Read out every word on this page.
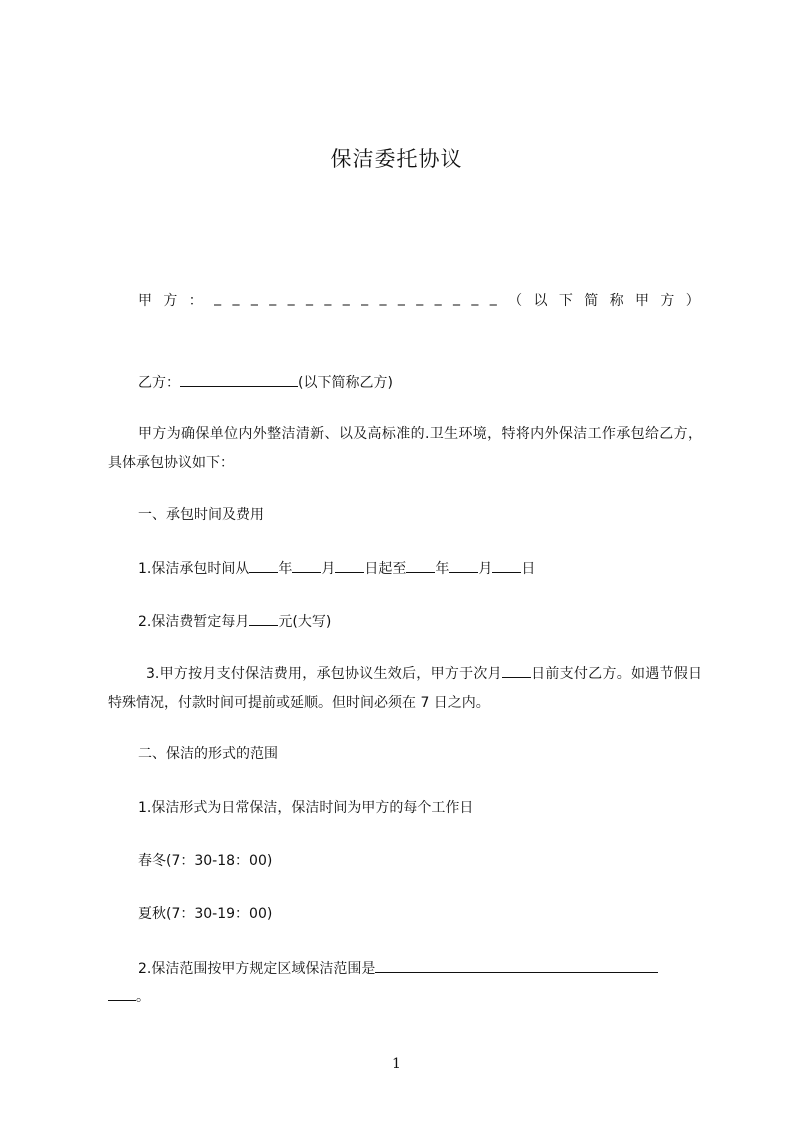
保洁委托协议
甲 方 ： _ _ _ _ _ _ _ _ _ _ _ _ _ _ _ _ （ 以 下 简 称 甲 方 ）
乙方：	(以下简称乙方)
甲方为确保单位内外整洁清新、以及高标准的.卫生环境，特将内外保洁工作承包给乙方，具体承包协议如下：
一、承包时间及费用
1.保洁承包时间从 年 月 日起至 年 月 日
2.保洁费暂定每月 元(大写)
3.甲方按月支付保洁费用，承包协议生效后，甲方于次月 日前支付乙方。如遇节假日特殊情况，付款时间可提前或延顺。但时间必须在 7 日之内。
二、保洁的形式的范围
1.保洁形式为日常保洁，保洁时间为甲方的每个工作日
春冬(7：30-18：00)
夏秋(7：30-19：00)
2.保洁范围按甲方规定区域保洁范围是
。
1
